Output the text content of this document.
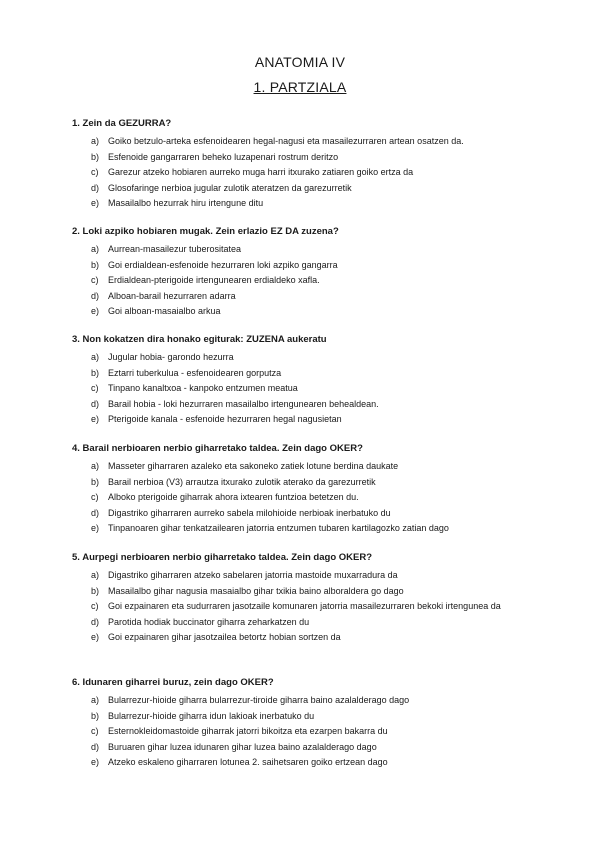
ANATOMIA IV
1. PARTZIALA
1. Zein da GEZURRA?
a) Goiko betzulo-arteka esfenoidearen hegal-nagusi eta masailezurraren artean osatzen da.
b) Esfenoide gangarraren beheko luzapenari rostrum deritzo
c) Garezur atzeko hobiaren aurreko muga harri itxurako zatiaren goiko ertza da
d) Glosofaringe nerbioa jugular zulotik ateratzen da garezurretik
e) Masailalbo hezurrak hiru irtengune ditu
2. Loki azpiko hobiaren mugak. Zein erlazio EZ DA zuzena?
a) Aurrean-masailezur tuberositatea
b) Goi erdialdean-esfenoide hezurraren loki azpiko gangarra
c) Erdialdean-pterigoide irtengunearen erdialdeko xafla.
d) Alboan-barail hezurraren adarra
e) Goi alboan-masaialbo arkua
3. Non kokatzen dira honako egiturak: ZUZENA aukeratu
a) Jugular hobia- garondo hezurra
b) Eztarri tuberkulua - esfenoidearen gorputza
c) Tinpano kanaltxoa - kanpoko entzumen meatua
d) Barail hobia - loki hezurraren masailalbo irtengunearen behealdean.
e) Pterigoide kanala - esfenoide hezurraren hegal nagusietan
4. Barail nerbioaren nerbio giharretako taldea. Zein dago OKER?
a) Masseter giharraren azaleko eta sakoneko zatiek lotune berdina daukate
b) Barail nerbioa (V3) arrautza itxurako zulotik aterako da garezurretik
c) Alboko pterigoide giharrak ahora ixtearen funtzioa betetzen du.
d) Digastriko giharraren aurreko sabela milohioide nerbioak inerbatuko du
e) Tinpanoaren gihar tenkatzailearen jatorria entzumen tubaren kartilagozko zatian dago
5. Aurpegi nerbioaren nerbio giharretako taldea. Zein dago OKER?
a) Digastriko giharraren atzeko sabelaren jatorria mastoide muxarradura da
b) Masailalbo gihar nagusia masaialbo gihar txikia baino alboraldera go dago
c) Goi ezpainaren eta sudurraren jasotzaile komunaren jatorria masailezurraren bekoki irtengunea da
d) Parotida hodiak buccinator giharra zeharkatzen du
e) Goi ezpainaren gihar jasotzailea betortz hobian sortzen da
6. Idunaren giharrei buruz, zein dago OKER?
a) Bularrezur-hioide giharra bularrezur-tiroide giharra baino azalalderago dago
b) Bularrezur-hioide giharra idun lakioak inerbatuko du
c) Esternokleidomastoide giharrak jatorri bikoitza eta ezarpen bakarra du
d) Buruaren gihar luzea idunaren gihar luzea baino azalalderago dago
e) Atzeko eskaleno giharraren lotunea 2. saihetsaren goiko ertzean dago
